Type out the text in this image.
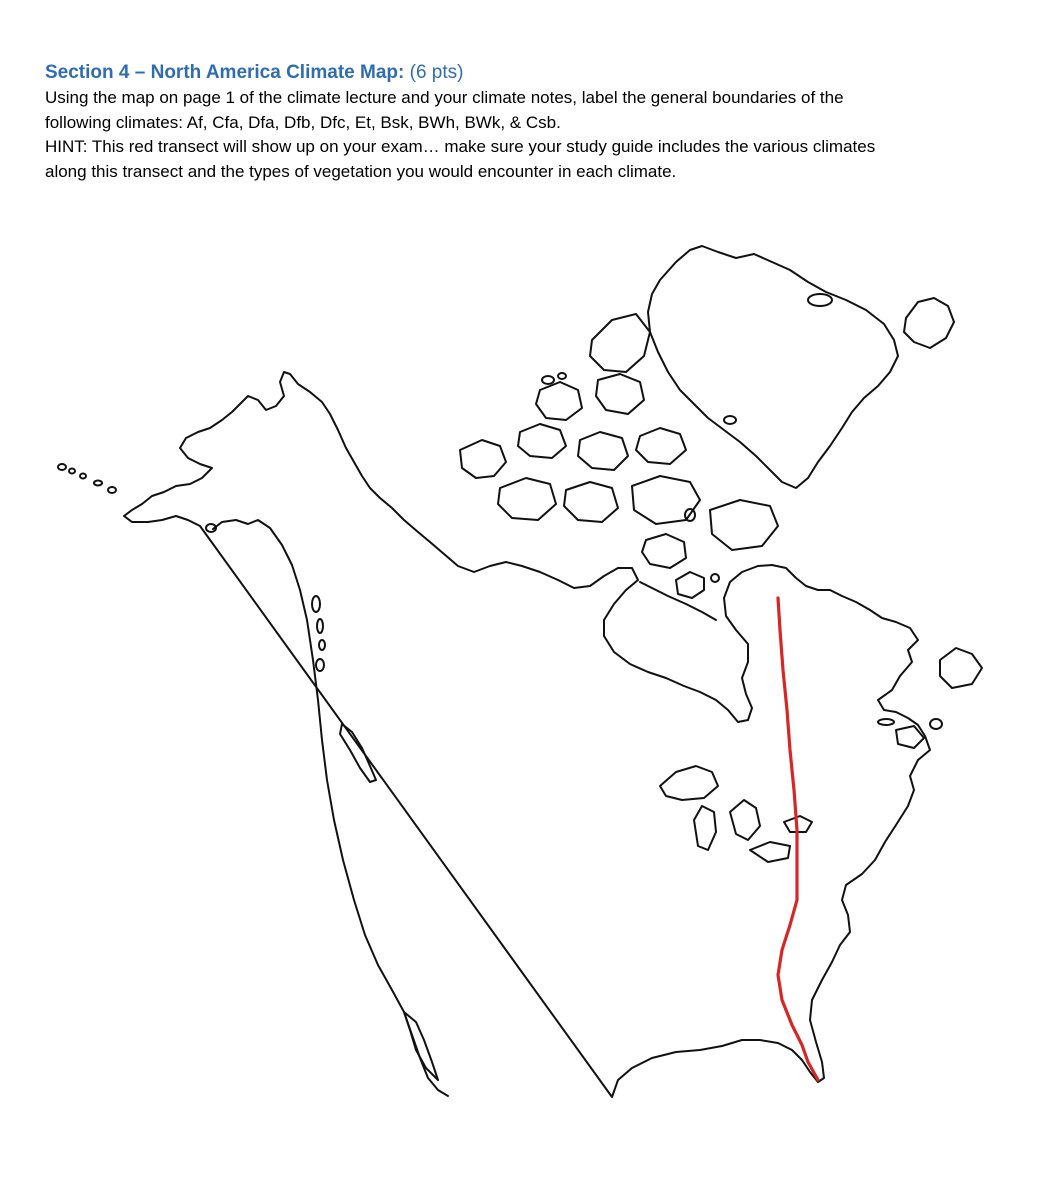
Section 4 – North America Climate Map: (6 pts)

Using the map on page 1 of the climate lecture and your climate notes, label the general boundaries of the

following climates: Af, Cfa, Dfa, Dfb, Dfc, Et, Bsk, BWh, BWk, & Csb.

HINT: This red transect will show up on your exam… make sure your study guide includes the various climates

along this transect and the types of vegetation you would encounter in each climate.
